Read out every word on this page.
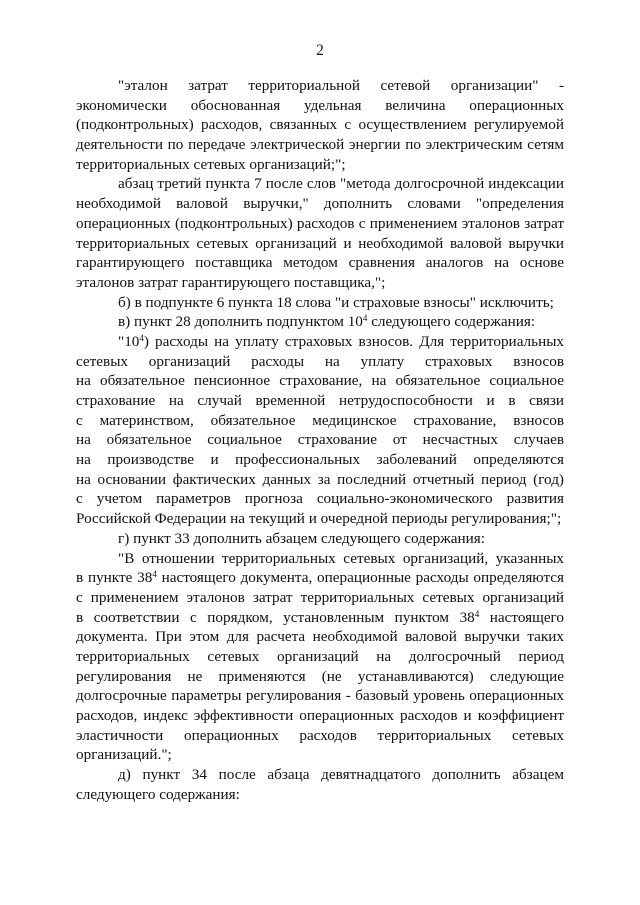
2

"эталон затрат территориальной сетевой организации" -
экономически обоснованная удельная величина операционных
(подконтрольных) расходов, связанных с осуществлением регулируемой
деятельности по передаче электрической энергии по электрическим сетям
территориальных сетевых организаций;";

абзац третий пункта 7 после слов "метода долгосрочной индексации
необходимой валовой выручки," дополнить словами "определения
операционных (подконтрольных) расходов с применением эталонов затрат
территориальных сетевых организаций и необходимой валовой выручки
гарантирующего поставщика методом сравнения аналогов на основе
эталонов затрат гарантирующего поставщика,";

б) в подпункте 6 пункта 18 слова "и страховые взносы" исключить;

в) пункт 28 дополнить подпунктом $10^4$ следующего содержания:

"$10^4$) расходы на уплату страховых взносов. Для территориальных
сетевых организаций расходы на уплату страховых взносов
на обязательное пенсионное страхование, на обязательное социальное
страхование на случай временной нетрудоспособности и в связи
с материнством, обязательное медицинское страхование, взносов
на обязательное социальное страхование от несчастных случаев
на производстве и профессиональных заболеваний определяются
на основании фактических данных за последний отчетный период (год)
с учетом параметров прогноза социально-экономического развития
Российской Федерации на текущий и очередной периоды регулирования;";

г) пункт 33 дополнить абзацем следующего содержания:

"В отношении территориальных сетевых организаций, указанных
в пункте $38^4$ настоящего документа, операционные расходы определяются
с применением эталонов затрат территориальных сетевых организаций
в соответствии с порядком, установленным пунктом $38^4$ настоящего
документа. При этом для расчета необходимой валовой выручки таких
территориальных сетевых организаций на долгосрочный период
регулирования не применяются (не устанавливаются) следующие
долгосрочные параметры регулирования - базовый уровень операционных
расходов, индекс эффективности операционных расходов и коэффициент
эластичности операционных расходов территориальных сетевых
организаций.";

д) пункт 34 после абзаца девятнадцатого дополнить абзацем
следующего содержания:
